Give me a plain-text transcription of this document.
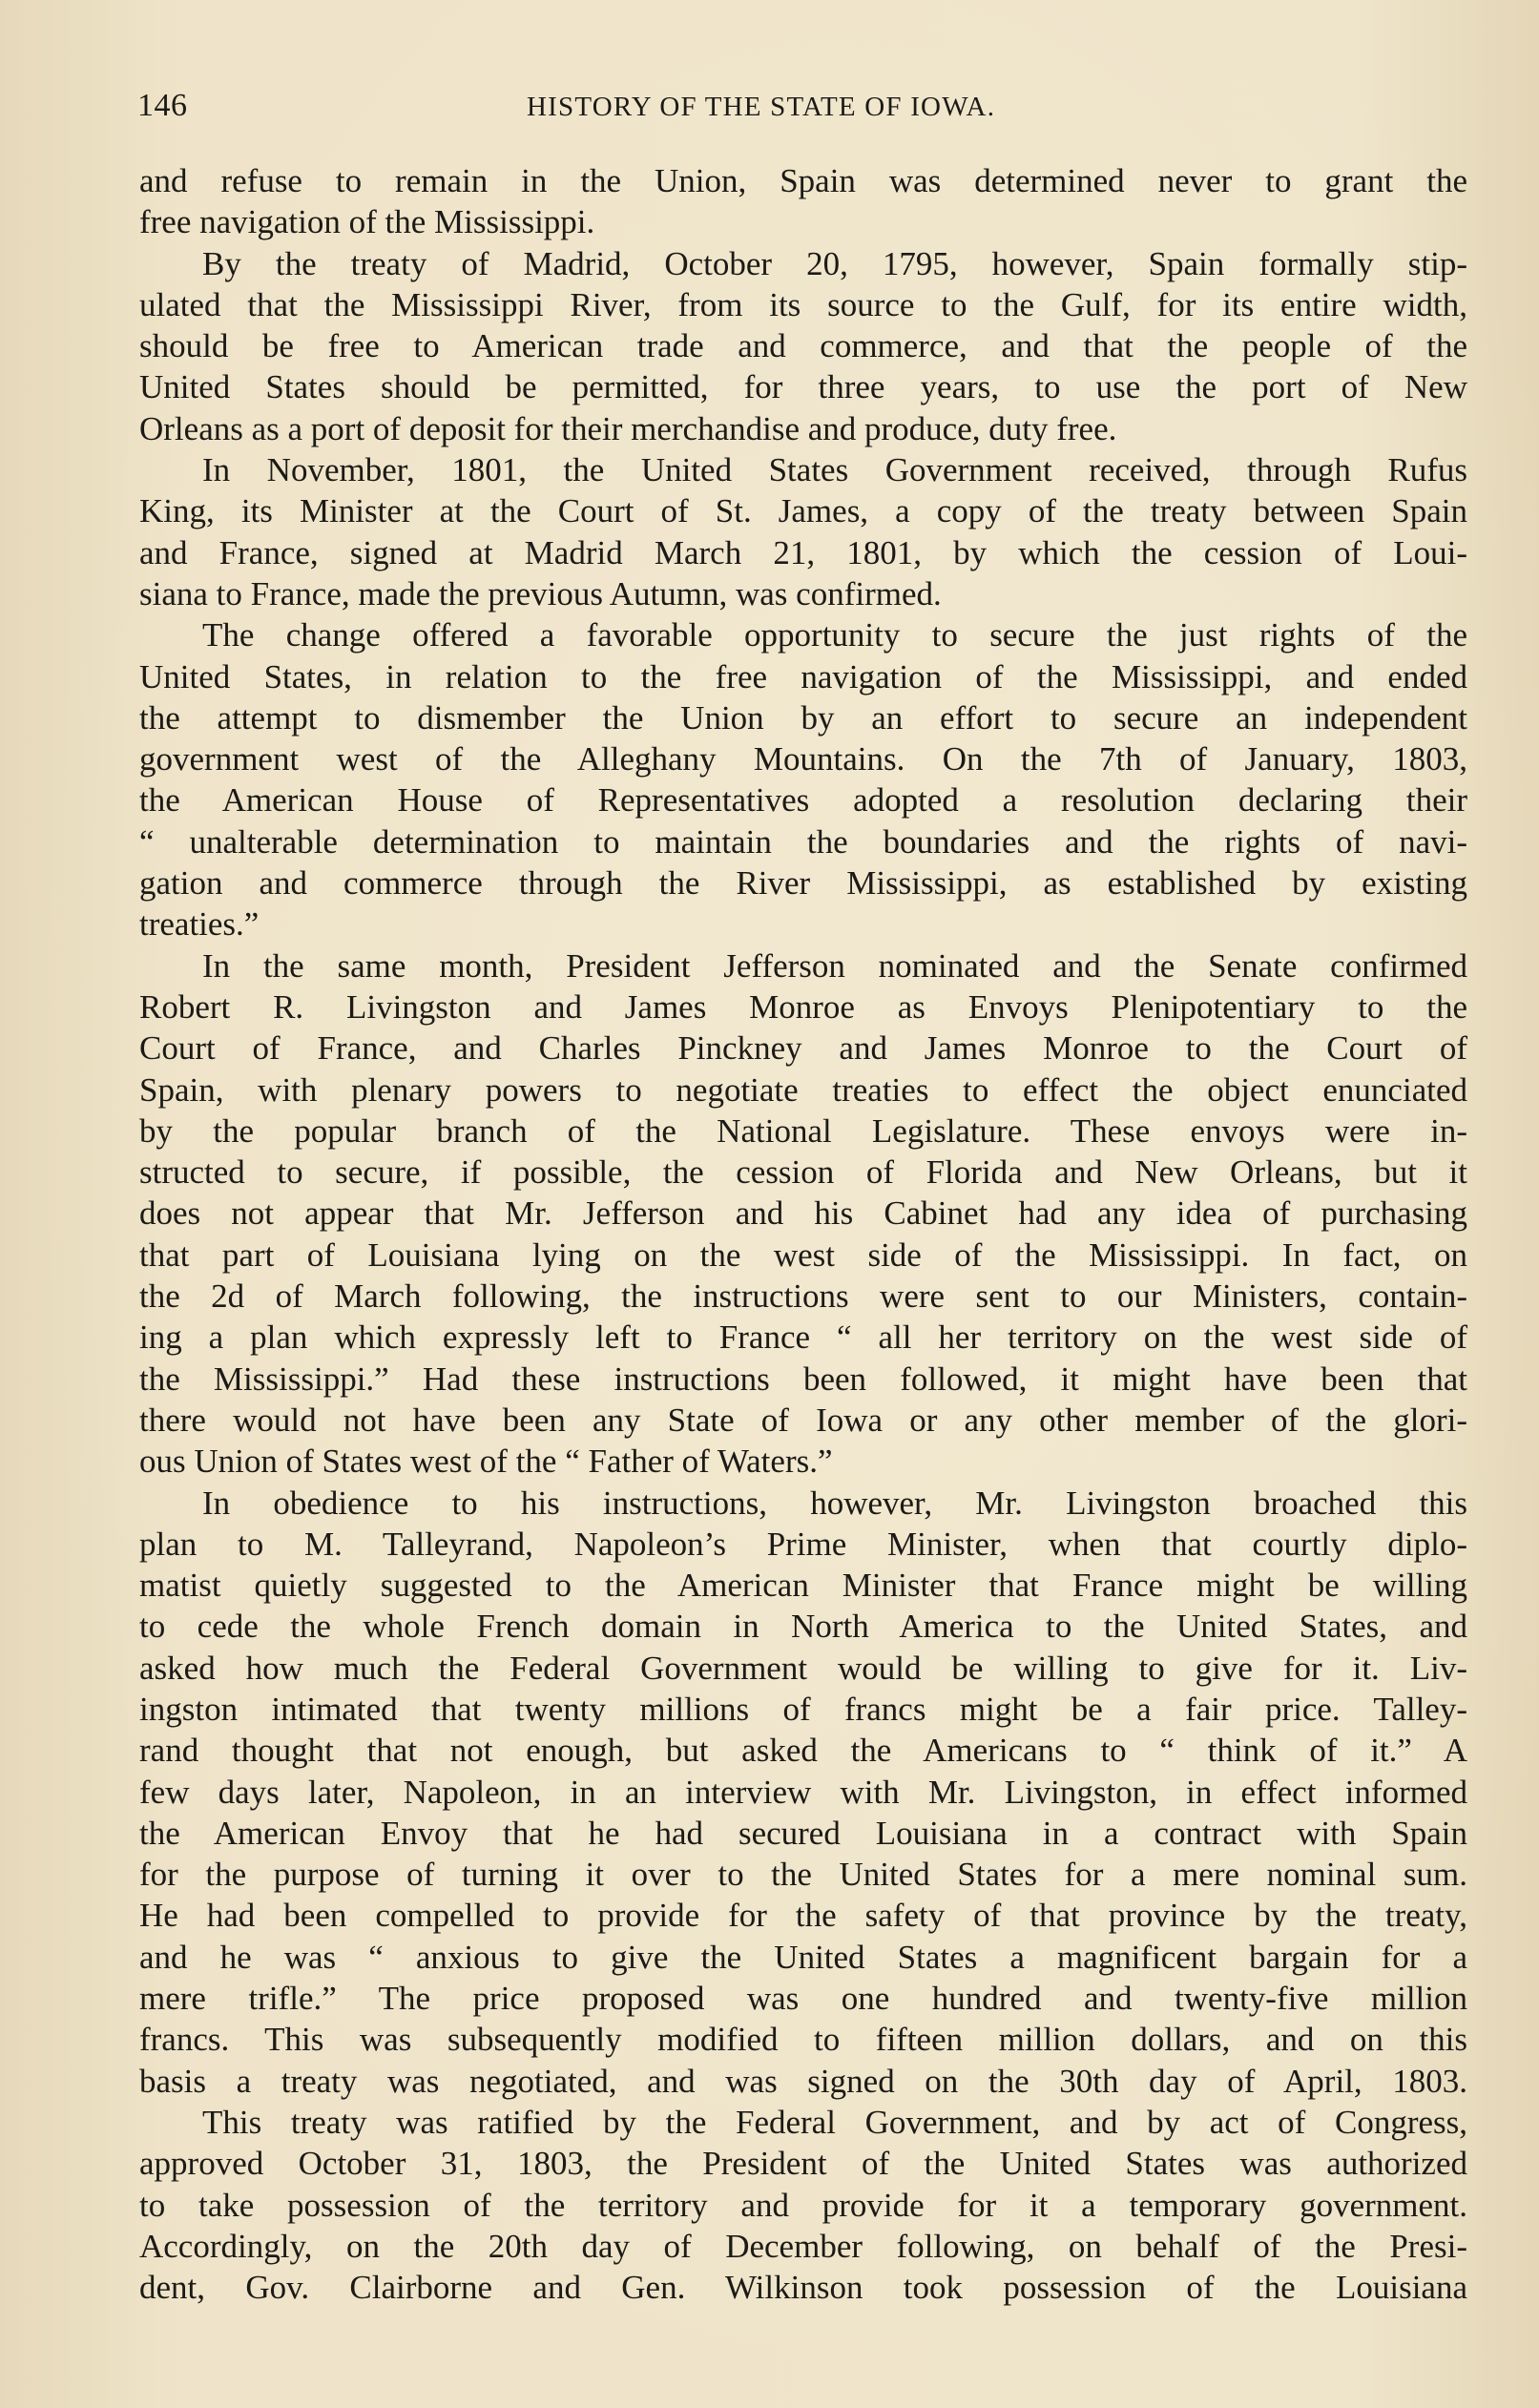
146	HISTORY OF THE STATE OF IOWA.
and refuse to remain in the Union, Spain was determined never to grant the
free navigation of the Mississippi.
By the treaty of Madrid, October 20, 1795, however, Spain formally stip-
ulated that the Mississippi River, from its source to the Gulf, for its entire width,
should be free to American trade and commerce, and that the people of the
United States should be permitted, for three years, to use the port of New
Orleans as a port of deposit for their merchandise and produce, duty free.
In November, 1801, the United States Government received, through Rufus
King, its Minister at the Court of St. James, a copy of the treaty between Spain
and France, signed at Madrid March 21, 1801, by which the cession of Loui-
siana to France, made the previous Autumn, was confirmed.
The change offered a favorable opportunity to secure the just rights of the
United States, in relation to the free navigation of the Mississippi, and ended
the attempt to dismember the Union by an effort to secure an independent
government west of the Alleghany Mountains. On the 7th of January, 1803,
the American House of Representatives adopted a resolution declaring their
“ unalterable determination to maintain the boundaries and the rights of navi-
gation and commerce through the River Mississippi, as established by existing
treaties.”
In the same month, President Jefferson nominated and the Senate confirmed
Robert R. Livingston and James Monroe as Envoys Plenipotentiary to the
Court of France, and Charles Pinckney and James Monroe to the Court of
Spain, with plenary powers to negotiate treaties to effect the object enunciated
by the popular branch of the National Legislature. These envoys were in-
structed to secure, if possible, the cession of Florida and New Orleans, but it
does not appear that Mr. Jefferson and his Cabinet had any idea of purchasing
that part of Louisiana lying on the west side of the Mississippi. In fact, on
the 2d of March following, the instructions were sent to our Ministers, contain-
ing a plan which expressly left to France “ all her territory on the west side of
the Mississippi.” Had these instructions been followed, it might have been that
there would not have been any State of Iowa or any other member of the glori-
ous Union of States west of the “ Father of Waters.”
In obedience to his instructions, however, Mr. Livingston broached this
plan to M. Talleyrand, Napoleon’s Prime Minister, when that courtly diplo-
matist quietly suggested to the American Minister that France might be willing
to cede the whole French domain in North America to the United States, and
asked how much the Federal Government would be willing to give for it. Liv-
ingston intimated that twenty millions of francs might be a fair price. Talley-
rand thought that not enough, but asked the Americans to “ think of it.” A
few days later, Napoleon, in an interview with Mr. Livingston, in effect informed
the American Envoy that he had secured Louisiana in a contract with Spain
for the purpose of turning it over to the United States for a mere nominal sum.
He had been compelled to provide for the safety of that province by the treaty,
and he was “ anxious to give the United States a magnificent bargain for a
mere trifle.” The price proposed was one hundred and twenty-five million
francs. This was subsequently modified to fifteen million dollars, and on this
basis a treaty was negotiated, and was signed on the 30th day of April, 1803.
This treaty was ratified by the Federal Government, and by act of Congress,
approved October 31, 1803, the President of the United States was authorized
to take possession of the territory and provide for it a temporary government.
Accordingly, on the 20th day of December following, on behalf of the Presi-
dent, Gov. Clairborne and Gen. Wilkinson took possession of the Louisiana
